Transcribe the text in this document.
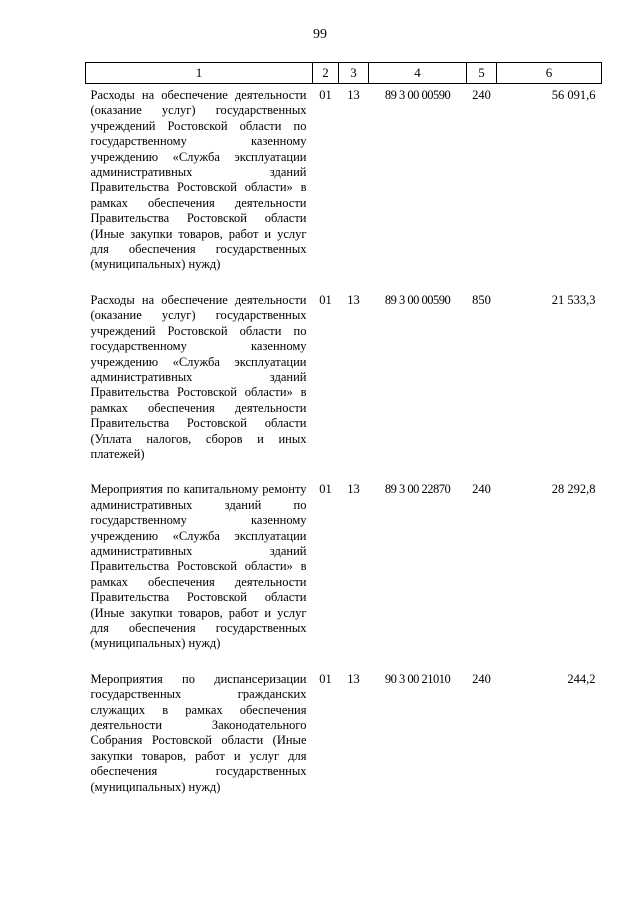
99
1	2	3	4	5	6
Расходы на обеспечение деятельности (оказание услуг) государственных учреждений Ростовской области по государственному казенному учреждению «Служба эксплуатации административных зданий Правительства Ростовской области» в рамках обеспечения деятельности Правительства Ростовской области (Иные закупки товаров, работ и услуг для обеспечения государственных (муниципальных) нужд)	01	13	89 3 00 00590	240	56 091,6
Расходы на обеспечение деятельности (оказание услуг) государственных учреждений Ростовской области по государственному казенному учреждению «Служба эксплуатации административных зданий Правительства Ростовской области» в рамках обеспечения деятельности Правительства Ростовской области (Уплата налогов, сборов и иных платежей)	01	13	89 3 00 00590	850	21 533,3
Мероприятия по капитальному ремонту административных зданий по государственному казенному учреждению «Служба эксплуатации административных зданий Правительства Ростовской области» в рамках обеспечения деятельности Правительства Ростовской области (Иные закупки товаров, работ и услуг для обеспечения государственных (муниципальных) нужд)	01	13	89 3 00 22870	240	28 292,8
Мероприятия по диспансеризации государственных гражданских служащих в рамках обеспечения деятельности Законодательного Собрания Ростовской области (Иные закупки товаров, работ и услуг для обеспечения государственных (муниципальных) нужд)	01	13	90 3 00 21010	240	244,2
